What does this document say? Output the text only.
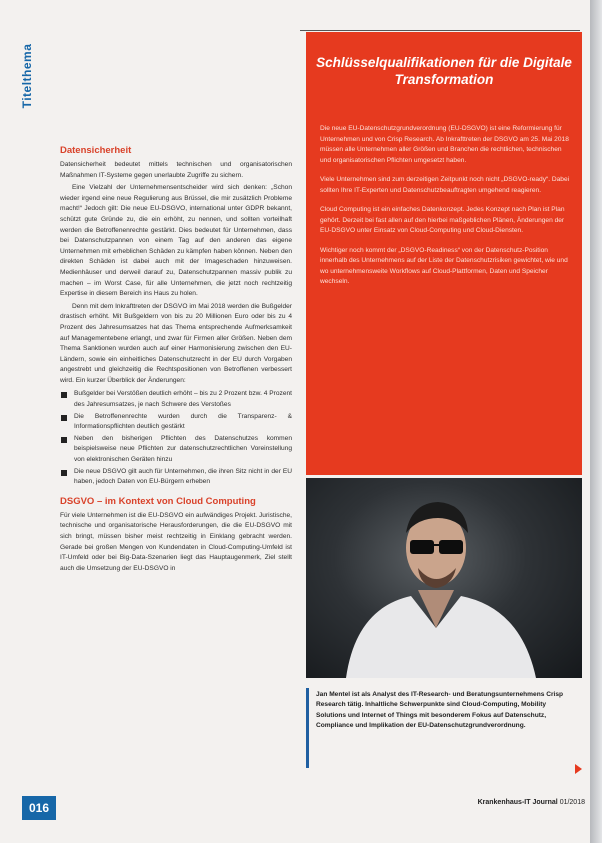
Titelthema
Datensicherheit

Datensicherheit bedeutet mittels technischen und organisatorischen Maßnahmen IT-Systeme gegen unerlaubte Zugriffe zu sichern.

Eine Vielzahl der Unternehmensentscheider wird sich denken: „Schon wieder irgend eine neue Regulierung aus Brüssel, die mir zusätzlich Probleme macht!“ Jedoch gilt: Die neue EU-DSGVO, international unter GDPR bekannt, schützt gute Gründe zu, die ein erhöht, zu nennen, und sollten vorteilhaft werden die Betroffenenrechte gestärkt. Dies bedeutet für Unternehmen, dass bei Datenschutzpannen von einem Tag auf den anderen das eigene Unternehmen mit erheblichen Schäden zu kämpfen haben können. Neben den direkten Schäden ist dabei auch mit der Imageschaden hinzuweisen. Medienhäuser und derweil darauf zu, Datenschutzpannen massiv publik zu machen – im Worst Case, für alle Unternehmen, die jetzt noch rechtzeitig Expertise in diesem Bereich ins Haus zu holen.

Denn mit dem Inkrafttreten der DSGVO im Mai 2018 werden die Bußgelder drastisch erhöht. Mit Bußgeldern von bis zu 20 Millionen Euro oder bis zu 4 Prozent des Jahresumsatzes hat das Thema entsprechende Aufmerksamkeit auf Managementebene erlangt, und zwar für Firmen aller Größen. Neben dem Thema Sanktionen wurden auch auf einer Harmonisierung zwischen den EU-Ländern, sowie ein einheitliches Datenschutzrecht in der EU durch Vorgaben angestrebt und gleichzeitig die Rechtspositionen von Betroffenen verbessert wird. Ein kurzer Überblick der Änderungen:

Bußgelder bei Verstößen deutlich erhöht – bis zu 2 Prozent bzw. 4 Prozent des Jahresumsatzes, je nach Schwere des Verstoßes
Die Betroffenenrechte wurden durch die Transparenz- & Informationspflichten deutlich gestärkt
Neben den bisherigen Pflichten des Datenschutzes kommen beispielsweise neue Pflichten zur datenschutzrechtlichen Voreinstellung von elektronischen Geräten hinzu
Die neue DSGVO gilt auch für Unternehmen, die ihren Sitz nicht in der EU haben, jedoch Daten von EU-Bürgern erheben
DSGVO – im Kontext von Cloud Computing

Für viele Unternehmen ist die EU-DSGVO ein aufwändiges Projekt. Juristische, technische und organisatorische Herausforderungen, die die EU-DSGVO mit sich bringt, müssen bisher meist rechtzeitig in Einklang gebracht werden. Gerade bei großen Mengen von Kundendaten in Cloud-Computing-Umfeld ist IT-Umfeld oder bei Big-Data-Szenarien liegt das Hauptaugenmerk, Ziel stellt auch die Umsetzung der EU-DSGVO in

Schlüsselqualifikationen für die Digitale Transformation

Die neue EU-Datenschutzgrundverordnung (EU-DSGVO) ist eine Reformierung für Unternehmen und von Crisp Research. Ab Inkrafttreten der DSGVO am 25. Mai 2018 müssen alle Unternehmen aller Größen und Branchen die rechtlichen, technischen und organisatorischen Pflichten umgesetzt haben.

Viele Unternehmen sind zum derzeitigen Zeitpunkt noch nicht „DSGVO-ready“. Dabei sollten Ihre IT-Experten und Datenschutzbeauftragten umgehend reagieren.

Cloud Computing ist ein einfaches Datenkonzept. Jedes Konzept nach Plan ist Plan gehört. Derzeit bei fast allen auf den hierbei maßgeblichen Plänen, Änderungen der EU-DSGVO unter Einsatz von Cloud-Computing und Cloud-Diensten.

Wichtiger noch kommt der „DSGVO-Readiness“ von der Datenschutz-Position innerhalb des Unternehmens auf der Liste der Datenschutzrisiken gewichtet, wie und wo unternehmensweite Workflows auf Cloud-Plattformen, Daten und Speicher wechseln.

Jan Mentel ist als Analyst des IT-Research- und Beratungsunternehmens Crisp Research tätig. Inhaltliche Schwerpunkte sind Cloud-Computing, Mobility Solutions und Internet of Things mit besonderem Fokus auf Datenschutz, Compliance und Implikation der EU-Datenschutzgrundverordnung.

016	Krankenhaus-IT Journal 01/2018
